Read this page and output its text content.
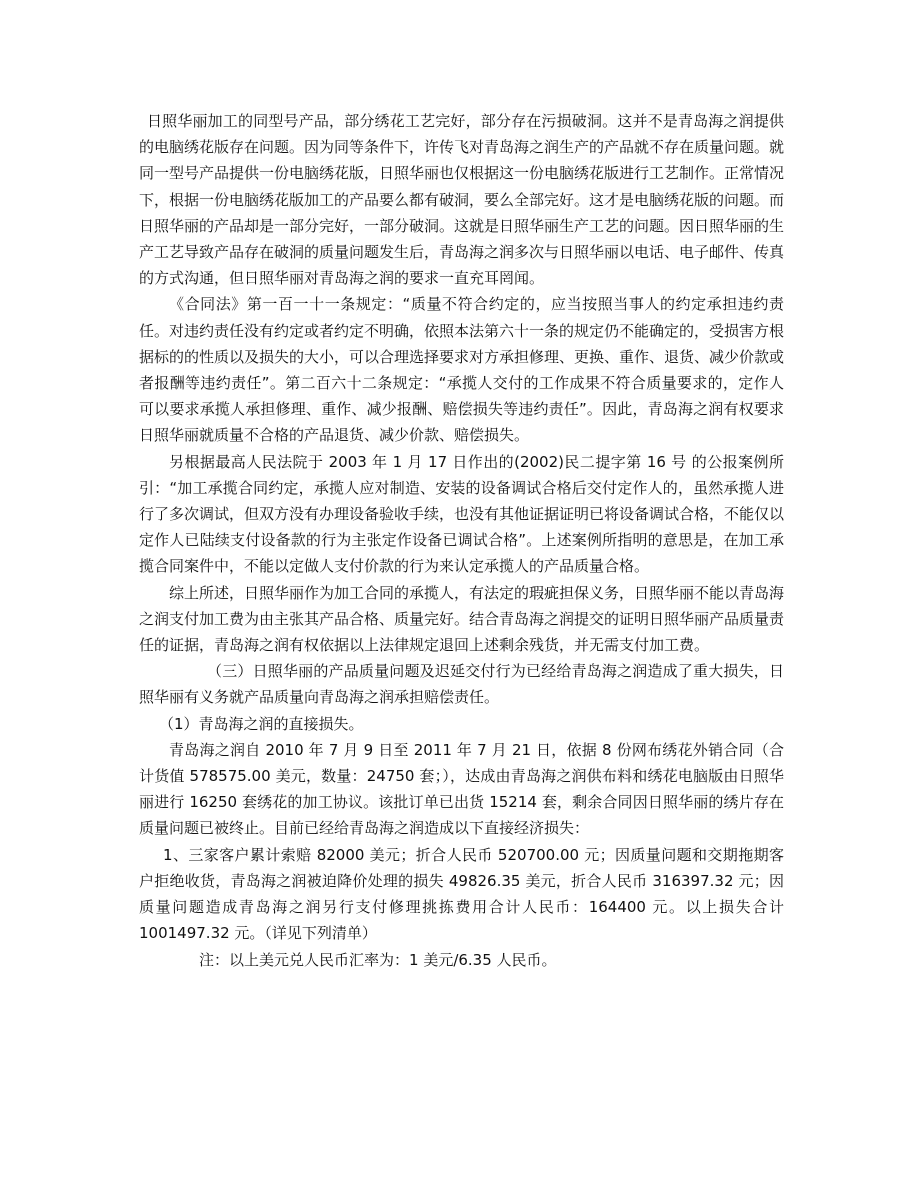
日照华丽加工的同型号产品，部分绣花工艺完好，部分存在污损破洞。这并不是青岛海之润提供的电脑绣花版存在问题。因为同等条件下，许传飞对青岛海之润生产的产品就不存在质量问题。就同一型号产品提供一份电脑绣花版，日照华丽也仅根据这一份电脑绣花版进行工艺制作。正常情况下，根据一份电脑绣花版加工的产品要么都有破洞，要么全部完好。这才是电脑绣花版的问题。而日照华丽的产品却是一部分完好，一部分破洞。这就是日照华丽生产工艺的问题。因日照华丽的生产工艺导致产品存在破洞的质量问题发生后，青岛海之润多次与日照华丽以电话、电子邮件、传真的方式沟通，但日照华丽对青岛海之润的要求一直充耳罔闻。

《合同法》第一百一十一条规定：“质量不符合约定的，应当按照当事人的约定承担违约责任。对违约责任没有约定或者约定不明确，依照本法第六十一条的规定仍不能确定的，受损害方根据标的的性质以及损失的大小，可以合理选择要求对方承担修理、更换、重作、退货、减少价款或者报酬等违约责任”。第二百六十二条规定：“承揽人交付的工作成果不符合质量要求的，定作人可以要求承揽人承担修理、重作、减少报酬、赔偿损失等违约责任”。因此，青岛海之润有权要求日照华丽就质量不合格的产品退货、减少价款、赔偿损失。

另根据最高人民法院于 2003 年 1 月 17 日作出的(2002)民二提字第 16 号 的公报案例所引：“加工承揽合同约定，承揽人应对制造、安装的设备调试合格后交付定作人的，虽然承揽人进行了多次调试，但双方没有办理设备验收手续，也没有其他证据证明已将设备调试合格，不能仅以定作人已陆续支付设备款的行为主张定作设备已调试合格”。上述案例所指明的意思是，在加工承揽合同案件中，不能以定做人支付价款的行为来认定承揽人的产品质量合格。

综上所述，日照华丽作为加工合同的承揽人，有法定的瑕疵担保义务，日照华丽不能以青岛海之润支付加工费为由主张其产品合格、质量完好。结合青岛海之润提交的证明日照华丽产品质量责任的证据，青岛海之润有权依据以上法律规定退回上述剩余残货，并无需支付加工费。

（三）日照华丽的产品质量问题及迟延交付行为已经给青岛海之润造成了重大损失，日照华丽有义务就产品质量向青岛海之润承担赔偿责任。

（1）青岛海之润的直接损失。

青岛海之润自 2010 年 7 月 9 日至 2011 年 7 月 21 日，依据 8 份网布绣花外销合同（合计货值 578575.00 美元，数量：24750 套；），达成由青岛海之润供布料和绣花电脑版由日照华丽进行 16250 套绣花的加工协议。该批订单已出货 15214 套，剩余合同因日照华丽的绣片存在质量问题已被终止。目前已经给青岛海之润造成以下直接经济损失：

1、三家客户累计索赔 82000 美元；折合人民币 520700.00 元；因质量问题和交期拖期客户拒绝收货，青岛海之润被迫降价处理的损失 49826.35 美元，折合人民币 316397.32 元；因质量问题造成青岛海之润另行支付修理挑拣费用合计人民币：164400 元。以上损失合计 1001497.32 元。（详见下列清单）

注：以上美元兑人民币汇率为：1 美元/6.35 人民币。
